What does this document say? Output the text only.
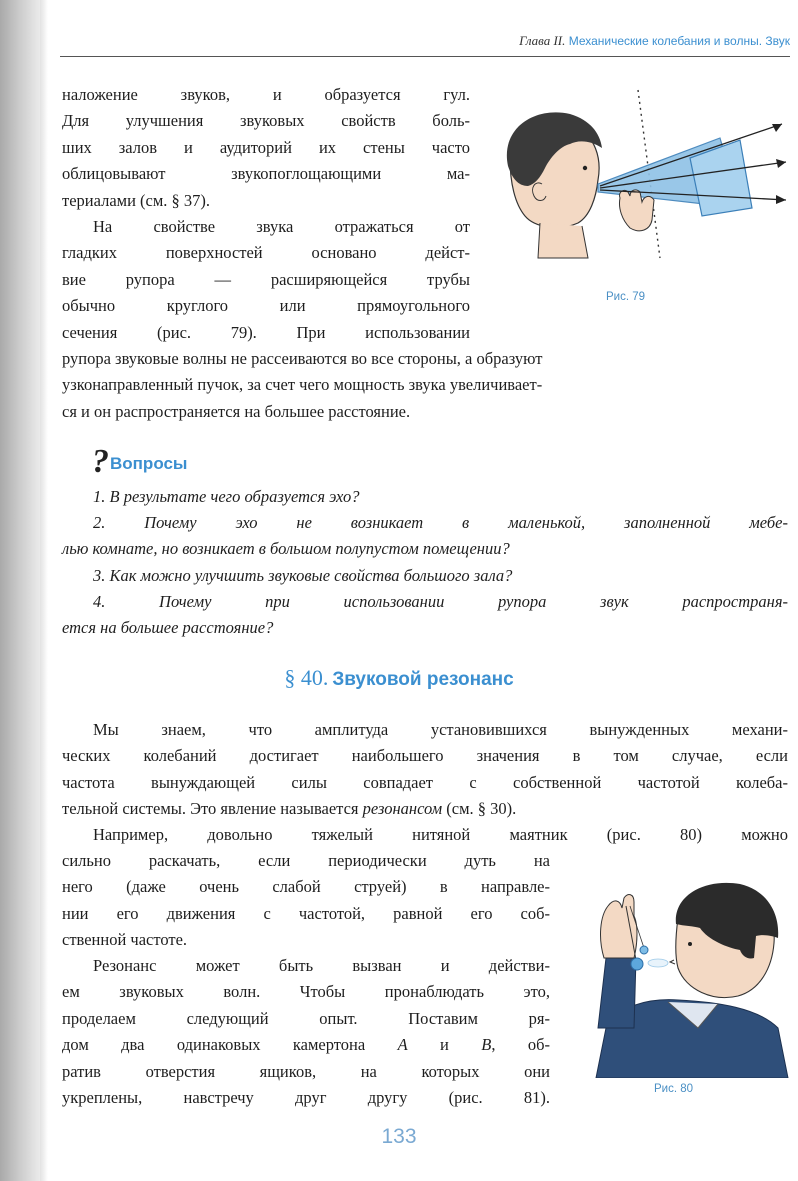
Глава II. Механические колебания и волны. Звук
наложение звуков, и образуется гул.
Для улучшения звуковых свойств боль-
ших залов и аудиторий их стены часто
облицовывают звукопоглощающими ма-
териалами (см. § 37).
На свойстве звука отражаться от
гладких поверхностей основано дейст-
вие рупора — расширяющейся трубы
обычно круглого или прямоугольного
сечения (рис. 79). При использовании
рупора звуковые волны не рассеиваются во все стороны, а образуют
узконаправленный пучок, за счет чего мощность звука увеличивает-
ся и он распространяется на большее расстояние.
Рис. 79
? Вопросы
1. В результате чего образуется эхо?
2. Почему эхо не возникает в маленькой, заполненной мебе-
лью комнате, но возникает в большом полупустом помещении?
3. Как можно улучшить звуковые свойства большого зала?
4. Почему при использовании рупора звук распространя-
ется на большее расстояние?
§ 40. Звуковой резонанс
Мы знаем, что амплитуда установившихся вынужденных механи-
ческих колебаний достигает наибольшего значения в том случае, если
частота вынуждающей силы совпадает с собственной частотой колеба-
тельной системы. Это явление называется резонансом (см. § 30).
Например, довольно тяжелый нитяной маятник (рис. 80) можно
сильно раскачать, если периодически дуть на
него (даже очень слабой струей) в направле-
нии его движения с частотой, равной его соб-
ственной частоте.
Резонанс может быть вызван и действи-
ем звуковых волн. Чтобы пронаблюдать это,
проделаем следующий опыт. Поставим ря-
дом два одинаковых камертона A и B, об-
ратив отверстия ящиков, на которых они
укреплены, навстречу друг другу (рис. 81).	Рис. 80
133
